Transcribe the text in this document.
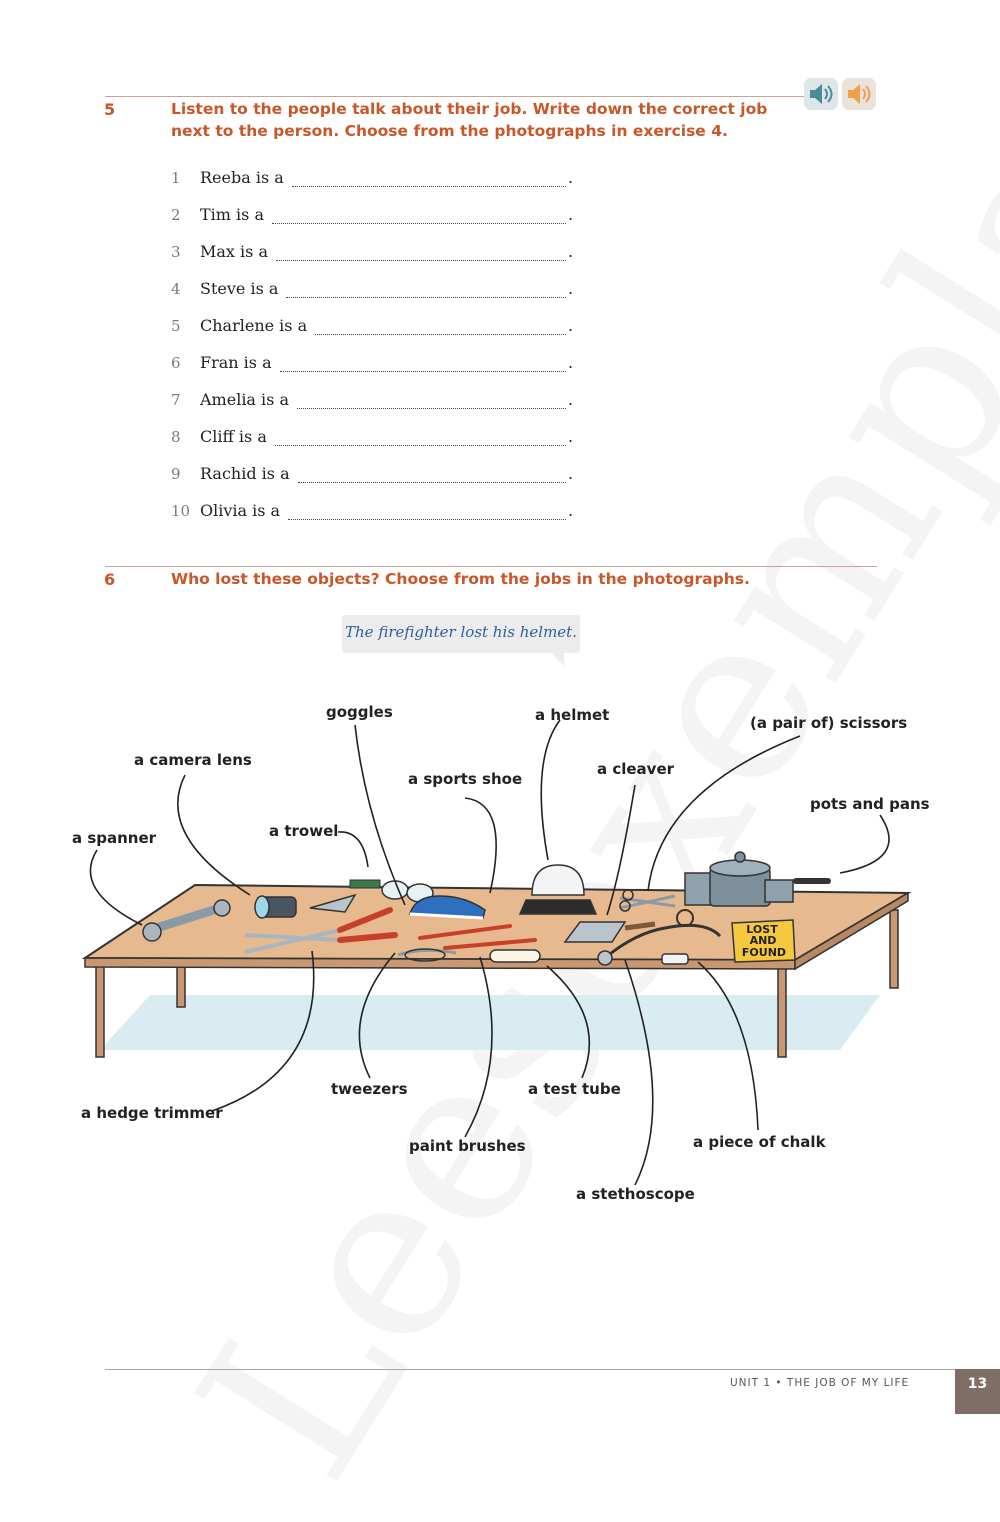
5	Listen to the people talk about their job. Write down the correct job
next to the person. Choose from the photographs in exercise 4.
1	Reeba is a	.
2	Tim is a	.
3	Max is a	.
4	Steve is a	.
5	Charlene is a	.
6	Fran is a	.
7	Amelia is a	.
8	Cliff is a	.
9	Rachid is a	.
10 Olivia is a	.
6	Who lost these objects? Choose from the jobs in the photographs.
The firefighter lost his helmet.
LOST
AND
FOUND
goggles	a helmet	(a pair of) scissors
a camera lens
a sports shoe
a cleaver
pots and pans
a spanner	a trowel
tweezers	a test tube
a hedge trimmer
paint brushes	a piece of chalk
a stethoscope
UNIT 1 • THE JOB OF MY LIFE	13
